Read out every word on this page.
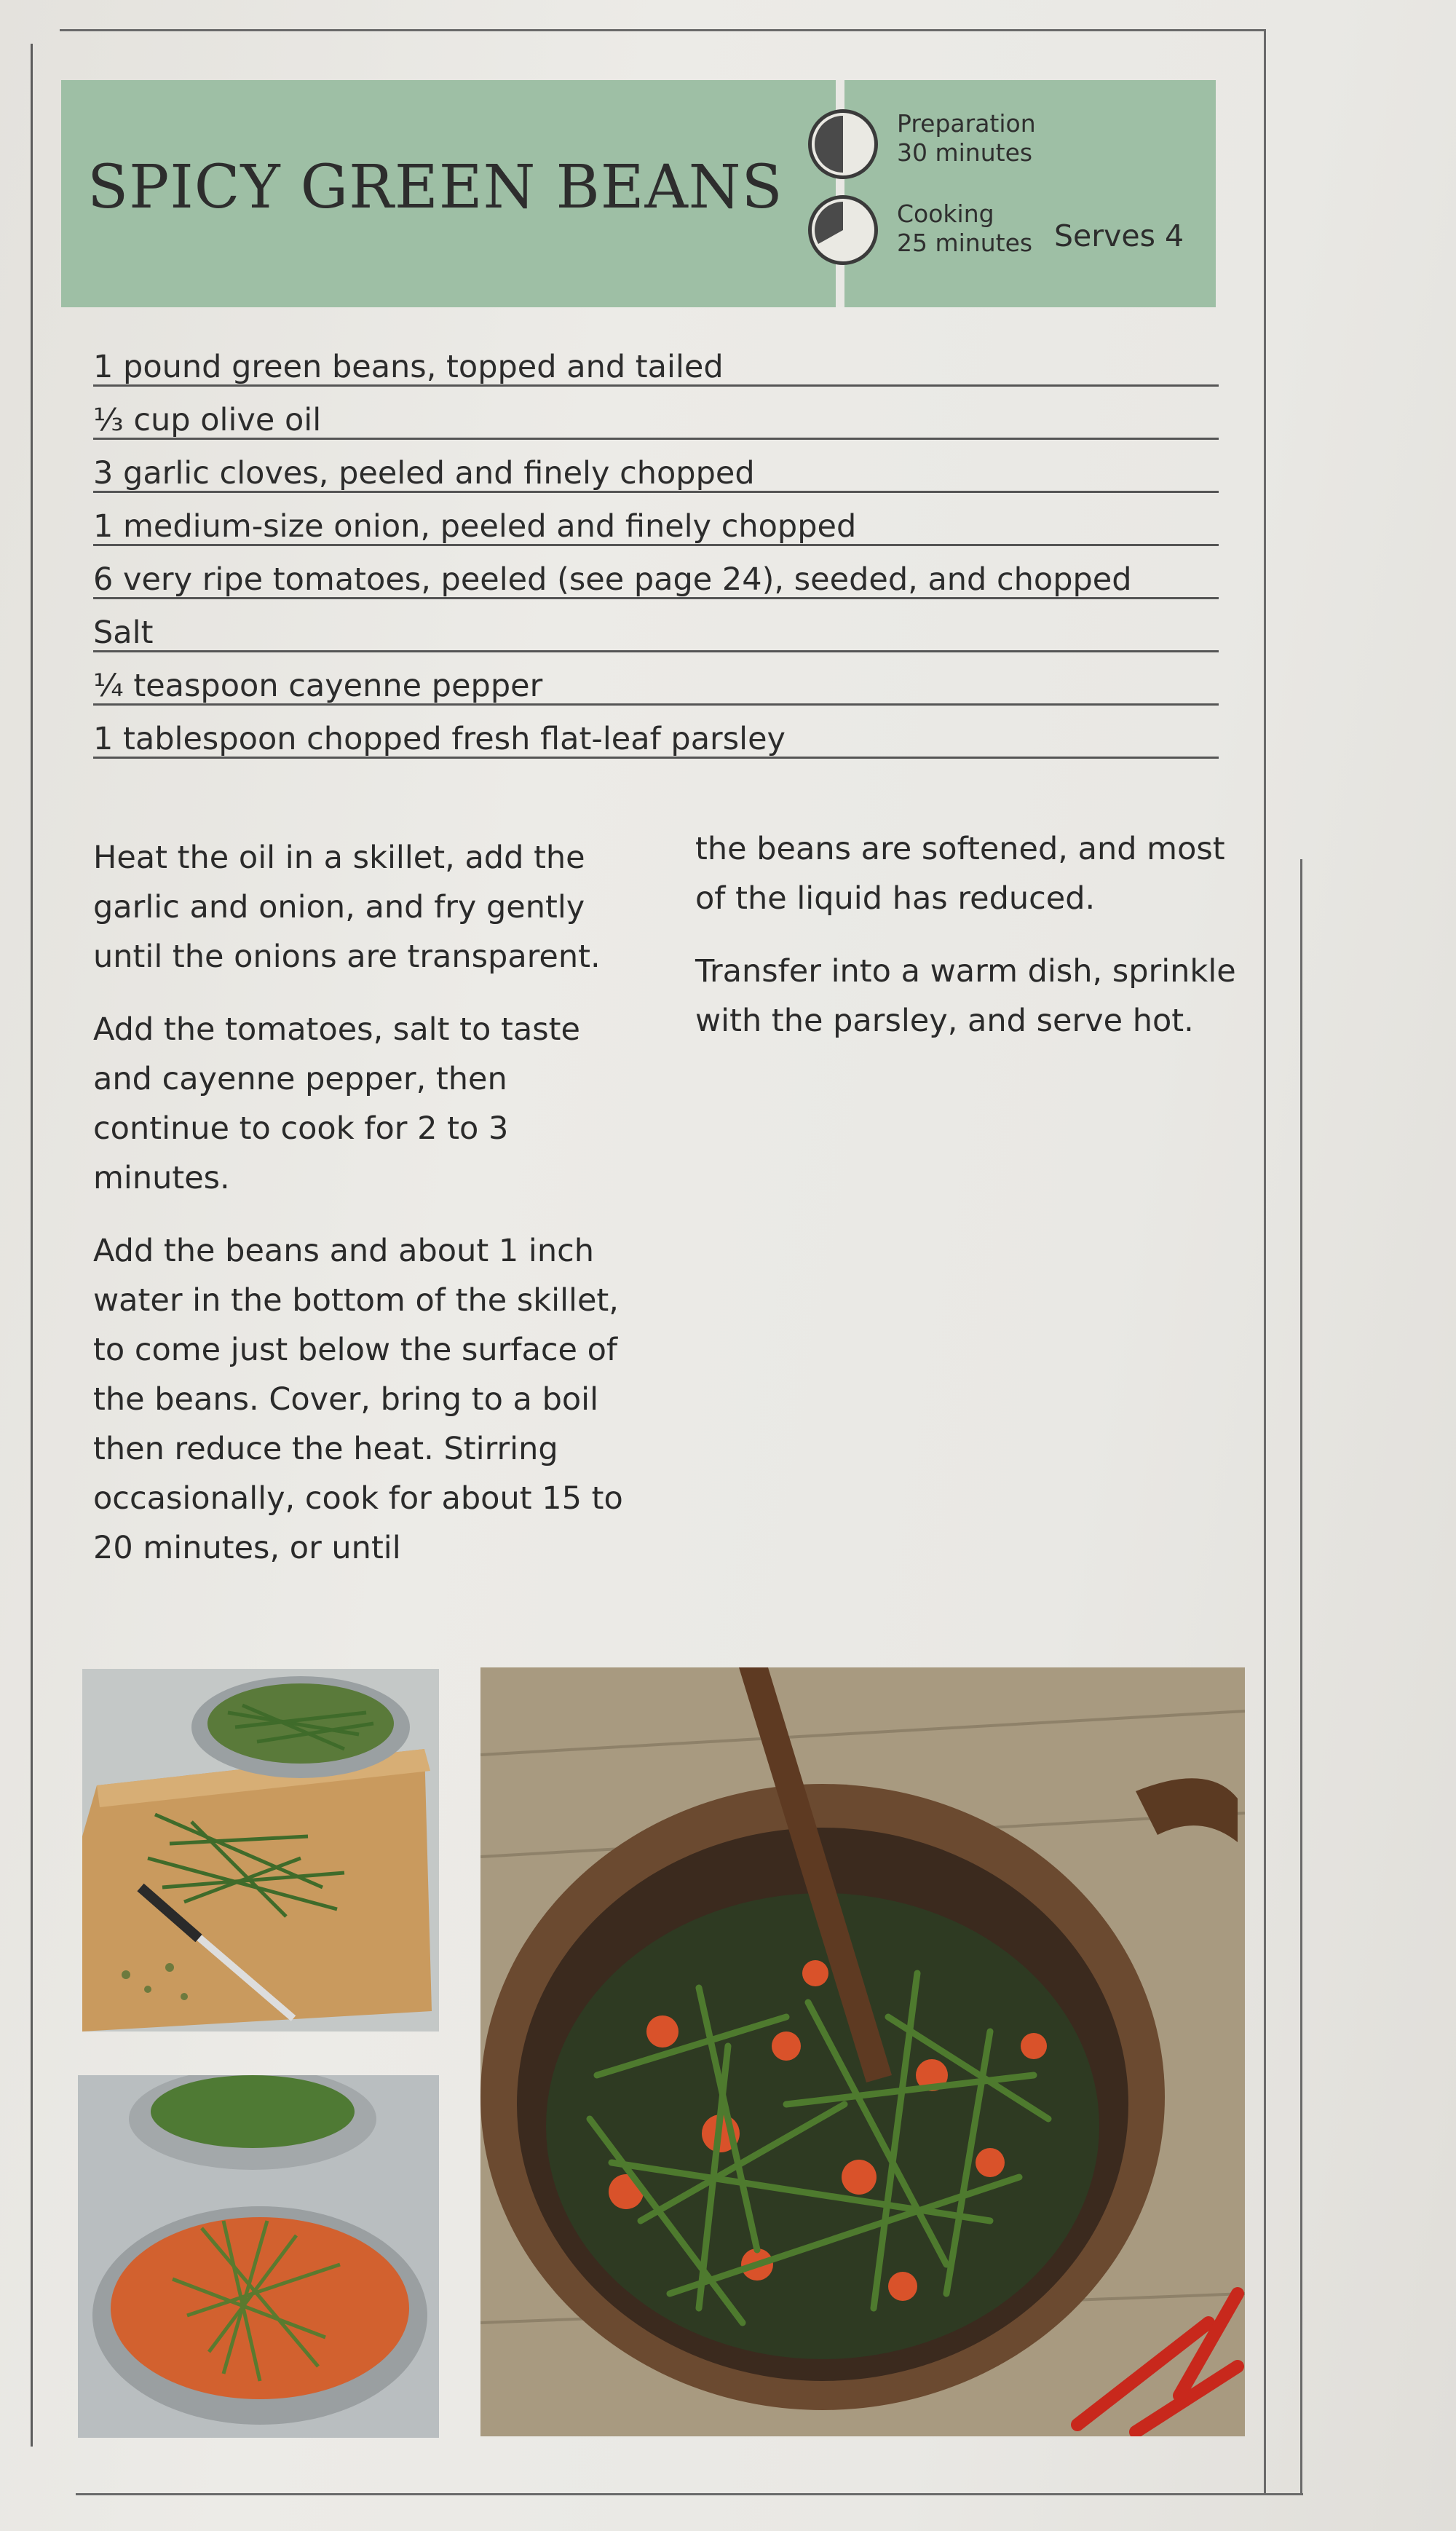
SPICY GREEN BEANS
Preparation
30 minutes
Cooking
25 minutes Serves 4
1 pound green beans, topped and tailed
⅓ cup olive oil
3 garlic cloves, peeled and finely chopped
1 medium-size onion, peeled and finely chopped
6 very ripe tomatoes, peeled (see page 24), seeded, and chopped
Salt
¼ teaspoon cayenne pepper
1 tablespoon chopped fresh flat-leaf parsley

Heat the oil in a skillet, add the garlic and onion, and fry gently until the onions are transparent.

Add the tomatoes, salt to taste and cayenne pepper, then continue to cook for 2 to 3 minutes.

Add the beans and about 1 inch water in the bottom of the skillet, to come just below the surface of the beans. Cover, bring to a boil then reduce the heat. Stirring occasionally, cook for about 15 to 20 minutes, or until

the beans are softened, and most of the liquid has reduced.

Transfer into a warm dish, sprinkle with the parsley, and serve hot.
